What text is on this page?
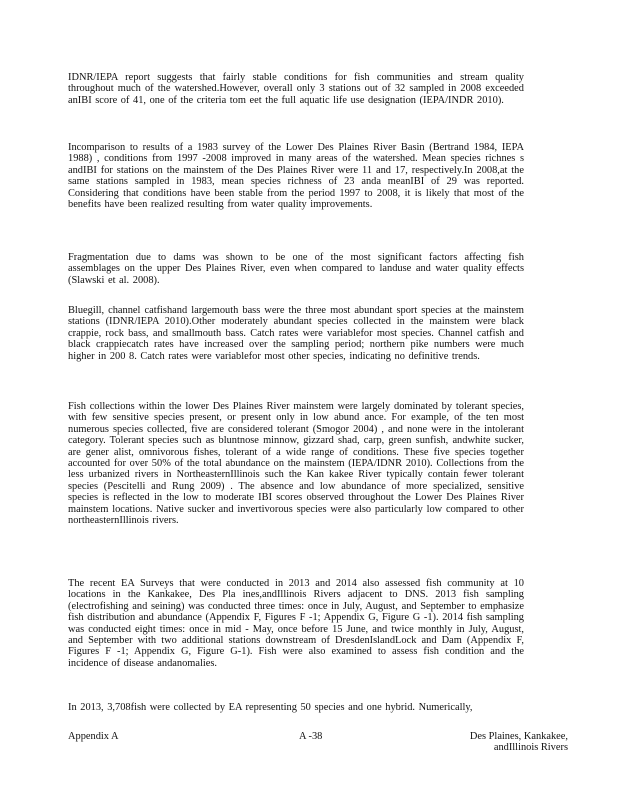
IDNR/IEPA report suggests that fairly stable conditions for fish communities and stream quality throughout much of the watershed.However, overall only 3 stations out of 32 sampled in 2008 exceeded anIBI score of 41, one of the criteria tom eet the full aquatic life use designation (IEPA/INDR 2010).

Incomparison to results of a 1983 survey of the Lower Des Plaines River Basin (Bertrand 1984, IEPA 1988) , conditions from 1997 -2008 improved in many areas of the watershed. Mean species richnes s andIBI for stations on the mainstem of the Des Plaines River were 11 and 17, respectively.In 2008,at the same stations sampled in 1983, mean species richness of 23 anda meanIBI of 29 was reported. Considering that conditions have been stable from the period 1997 to 2008, it is likely that most of the benefits have been realized resulting from water quality improvements.

Fragmentation due to dams was shown to be one of the most significant factors affecting fish assemblages on the upper Des Plaines River, even when compared to landuse and water quality effects (Slawski et al. 2008).

Bluegill, channel catfishand largemouth bass were the three most abundant sport species at the mainstem stations (IDNR/IEPA 2010).Other moderately abundant species collected in the mainstem were black crappie, rock bass, and smallmouth bass. Catch rates were variablefor most species. Channel catfish and black crappiecatch rates have increased over the sampling period; northern pike numbers were much higher in 200 8. Catch rates were variablefor most other species, indicating no definitive trends.

Fish collections within the lower Des Plaines River mainstem were largely dominated by tolerant species, with few sensitive species present, or present only in low abund ance. For example, of the ten most numerous species collected, five are considered tolerant (Smogor 2004) , and none were in the intolerant category. Tolerant species such as bluntnose minnow, gizzard shad, carp, green sunfish, andwhite sucker, are gener alist, omnivorous fishes, tolerant of a wide range of conditions. These five species together accounted for over 50% of the total abundance on the mainstem (IEPA/IDNR 2010). Collections from the less urbanized rivers in NortheasternIllinois such the Kan kakee River typically contain fewer tolerant species (Pescitelli and Rung 2009) . The absence and low abundance of more specialized, sensitive species is reflected in the low to moderate IBI scores observed throughout the Lower Des Plaines River mainstem locations. Native sucker and invertivorous species were also particularly low compared to other northeasternIllinois rivers.

The recent EA Surveys that were conducted in 2013 and 2014 also assessed fish community at 10 locations in the Kankakee, Des Pla ines,andIllinois Rivers adjacent to DNS. 2013 fish sampling (electrofishing and seining) was conducted three times: once in July, August, and September to emphasize fish distribution and abundance (Appendix F, Figures F -1; Appendix G, Figure G -1). 2014 fish sampling was conducted eight times: once in mid - May, once before 15 June, and twice monthly in July, August, and September with two additional stations downstream of DresdenIslandLock and Dam (Appendix F, Figures F -1; Appendix G, Figure G-1). Fish were also examined to assess fish condition and the incidence of disease andanomalies.

In 2013, 3,708fish were collected by EA representing 50 species and one hybrid. Numerically,

Appendix A	A -38	Des Plaines, Kankakee,
andIllinois Rivers
